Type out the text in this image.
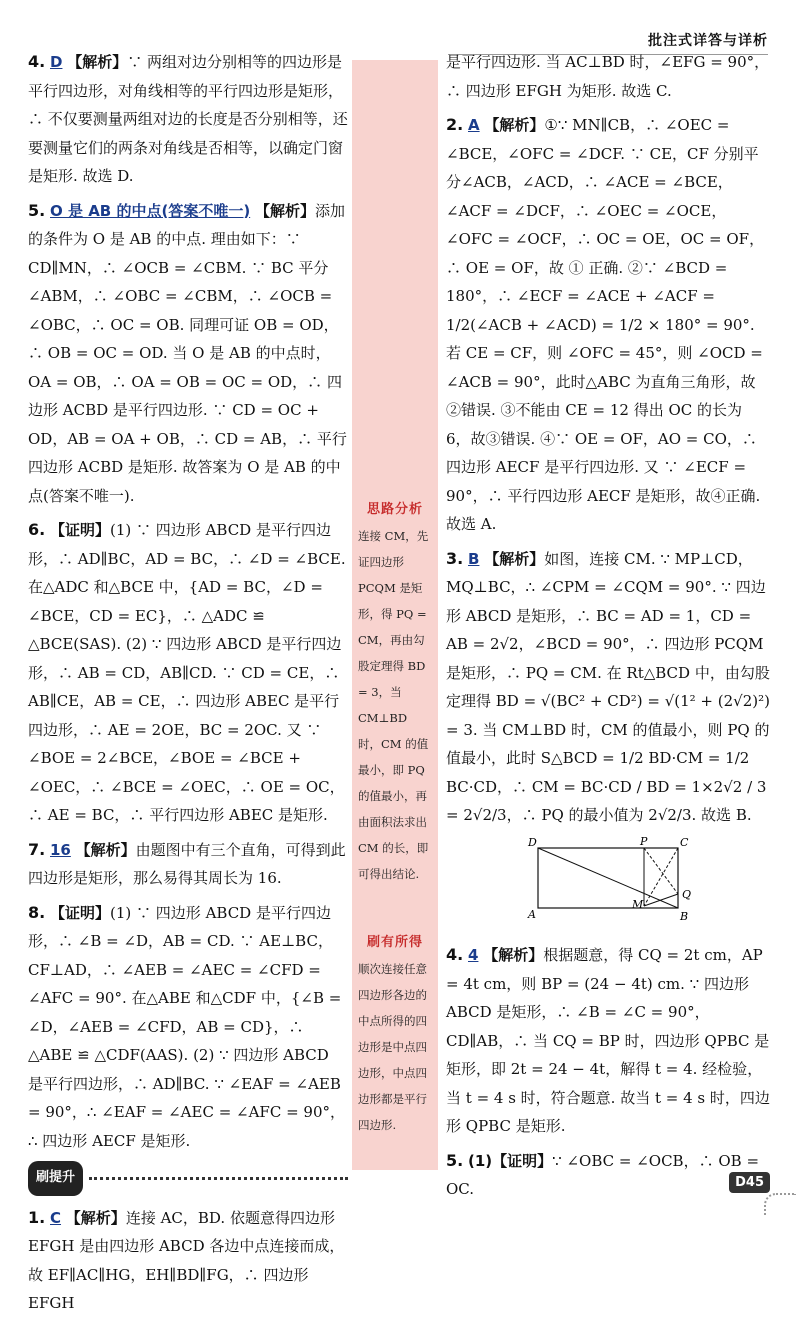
批注式详答与详析
4. D 【解析】∵ 两组对边分别相等的四边形是平行四边形，对角线相等的平行四边形是矩形，∴ 不仅要测量两组对边的长度是否分别相等，还要测量它们的两条对角线是否相等，以确定门窗是矩形. 故选 D.
5. O 是 AB 的中点(答案不唯一) 【解析】添加的条件为 O 是 AB 的中点. 理由如下：∵ CD∥MN，∴ ∠OCB = ∠CBM. ∵ BC 平分∠ABM，∴ ∠OBC = ∠CBM，∴ ∠OCB = ∠OBC，∴ OC = OB. 同理可证 OB = OD，∴ OB = OC = OD. 当 O 是 AB 的中点时，OA = OB，∴ OA = OB = OC = OD，∴ 四边形 ACBD 是平行四边形. ∵ CD = OC + OD，AB = OA + OB，∴ CD = AB，∴ 平行四边形 ACBD 是矩形. 故答案为 O 是 AB 的中点(答案不唯一).
6. 【证明】(1) ∵ 四边形 ABCD 是平行四边形，∴ AD∥BC，AD = BC，∴ ∠D = ∠BCE. 在△ADC 和△BCE 中，{AD = BC，∠D = ∠BCE，CD = EC}，∴ △ADC ≌ △BCE(SAS). (2) ∵ 四边形 ABCD 是平行四边形，∴ AB = CD，AB∥CD. ∵ CD = CE，∴ AB∥CE，AB = CE，∴ 四边形 ABEC 是平行四边形，∴ AE = 2OE，BC = 2OC. 又 ∵ ∠BOE = 2∠BCE，∠BOE = ∠BCE + ∠OEC，∴ ∠BCE = ∠OEC，∴ OE = OC，∴ AE = BC，∴ 平行四边形 ABEC 是矩形.
7. 16 【解析】由题图中有三个直角，可得到此四边形是矩形，那么易得其周长为 16.
8. 【证明】(1) ∵ 四边形 ABCD 是平行四边形，∴ ∠B = ∠D，AB = CD. ∵ AE⊥BC，CF⊥AD，∴ ∠AEB = ∠AEC = ∠CFD = ∠AFC = 90°. 在△ABE 和△CDF 中，{∠B = ∠D，∠AEB = ∠CFD，AB = CD}，∴ △ABE ≌ △CDF(AAS). (2) ∵ 四边形 ABCD 是平行四边形，∴ AD∥BC. ∵ ∠EAF = ∠AEB = 90°，∴ ∠EAF = ∠AEC = ∠AFC = 90°，∴ 四边形 AECF 是矩形.
刷提升
1. C 【解析】连接 AC，BD. 依题意得四边形 EFGH 是由四边形 ABCD 各边中点连接而成，故 EF∥AC∥HG，EH∥BD∥FG，∴ 四边形 EFGH
思路分析
连接 CM，先证四边形 PCQM 是矩形，得 PQ = CM，再由勾股定理得 BD = 3，当 CM⊥BD 时，CM 的值最小，即 PQ 的值最小，再由面积法求出 CM 的长，即可得出结论.
刷有所得
顺次连接任意四边形各边的中点所得的四边形是中点四边形，中点四边形都是平行四边形.
是平行四边形. 当 AC⊥BD 时，∠EFG = 90°，∴ 四边形 EFGH 为矩形. 故选 C.
2. A 【解析】①∵ MN∥CB，∴ ∠OEC = ∠BCE，∠OFC = ∠DCF. ∵ CE，CF 分别平分∠ACB，∠ACD，∴ ∠ACE = ∠BCE，∠ACF = ∠DCF，∴ ∠OEC = ∠OCE，∠OFC = ∠OCF，∴ OC = OE，OC = OF，∴ OE = OF，故 ① 正确. ②∵ ∠BCD = 180°，∴ ∠ECF = ∠ACE + ∠ACF = 1/2(∠ACB + ∠ACD) = 1/2 × 180° = 90°. 若 CE = CF，则 ∠OFC = 45°，则 ∠OCD = ∠ACB = 90°，此时△ABC 为直角三角形，故②错误. ③不能由 CE = 12 得出 OC 的长为 6，故③错误. ④∵ OE = OF，AO = CO，∴ 四边形 AECF 是平行四边形. 又 ∵ ∠ECF = 90°，∴ 平行四边形 AECF 是矩形，故④正确. 故选 A.
3. B 【解析】如图，连接 CM. ∵ MP⊥CD，MQ⊥BC，∴ ∠CPM = ∠CQM = 90°. ∵ 四边形 ABCD 是矩形，∴ BC = AD = 1，CD = AB = 2√2，∠BCD = 90°，∴ 四边形 PCQM 是矩形，∴ PQ = CM. 在 Rt△BCD 中，由勾股定理得 BD = √(BC² + CD²) = √(1² + (2√2)²) = 3. 当 CM⊥BD 时，CM 的值最小，则 PQ 的值最小，此时 S△BCD = 1/2 BD·CM = 1/2 BC·CD，∴ CM = BC·CD / BD = 1×2√2 / 3 = 2√2/3，∴ PQ 的最小值为 2√2/3. 故选 B.
D	P	C
Q
M
A	B
4. 4 【解析】根据题意，得 CQ = 2t cm，AP = 4t cm，则 BP = (24 − 4t) cm. ∵ 四边形 ABCD 是矩形，∴ ∠B = ∠C = 90°，CD∥AB，∴ 当 CQ = BP 时，四边形 QPBC 是矩形，即 2t = 24 − 4t，解得 t = 4. 经检验，当 t = 4 s 时，符合题意. 故当 t = 4 s 时，四边形 QPBC 是矩形.
5. (1)【证明】∵ ∠OBC = ∠OCB，∴ OB = OC.	D45
